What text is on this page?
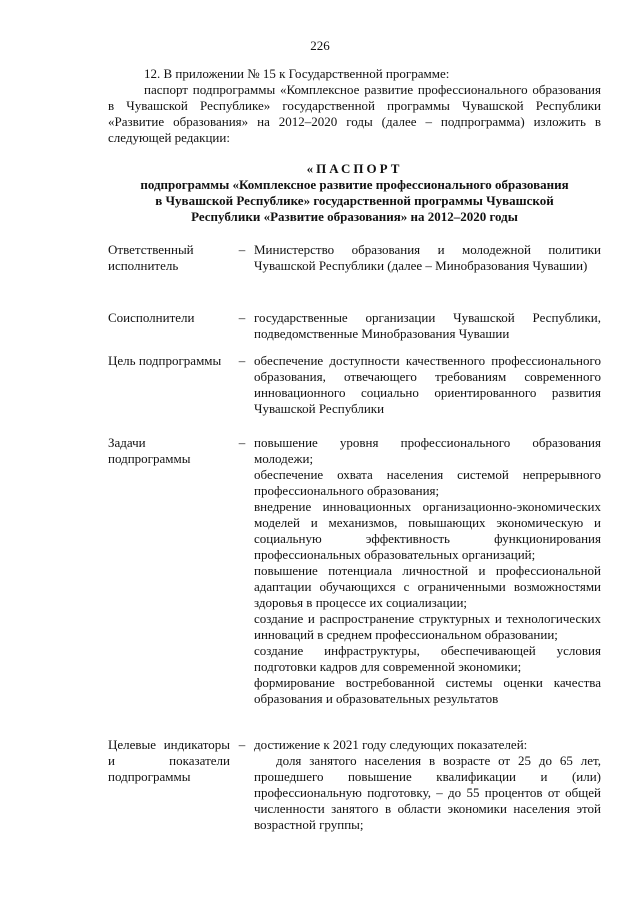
226

12. В приложении № 15 к Государственной программе:

паспорт подпрограммы «Комплексное развитие профессионального образования в Чувашской Республике» государственной программы Чувашской Республики «Развитие образования» на 2012–2020 годы (далее – подпрограмма) изложить в следующей редакции:

«ПАСПОРТ
подпрограммы «Комплексное развитие профессионального образования
в Чувашской Республике» государственной программы Чувашской
Республики «Развитие образования» на 2012–2020 годы
Ответственный исполнитель
– Министерство образования и молодежной политики Чувашской Республики (далее – Минобразования Чувашии)

Соисполнители	– государственные организации Чувашской Республики, подведомственные Минобразования Чувашии

Цель подпрограммы	– обеспечение доступности качественного профессионального образования, отвечающего требованиям современного инновационного социально ориентированного развития Чувашской Республики

Задачи подпрограммы
– повышение уровня профессионального образования молодежи;

обеспечение охвата населения системой непрерывного профессионального образования;

внедрение инновационных организационно-экономических моделей и механизмов, повышающих экономическую и социальную эффективность функционирования профессиональных образовательных организаций;

повышение потенциала личностной и профессиональной адаптации обучающихся с ограниченными возможностями здоровья в процессе их социализации;

создание и распространение структурных и технологических инноваций в среднем профессиональном образовании;

создание инфраструктуры, обеспечивающей условия подготовки кадров для современной экономики;

формирование востребованной системы оценки качества образования и образовательных результатов

Целевые индикаторы и показатели подпрограммы
– достижение к 2021 году следующих показателей:

доля занятого населения в возрасте от 25 до 65 лет, прошедшего повышение квалификации и (или) профессиональную подготовку, – до 55 процентов от общей численности занятого в области экономики населения этой возрастной группы;
